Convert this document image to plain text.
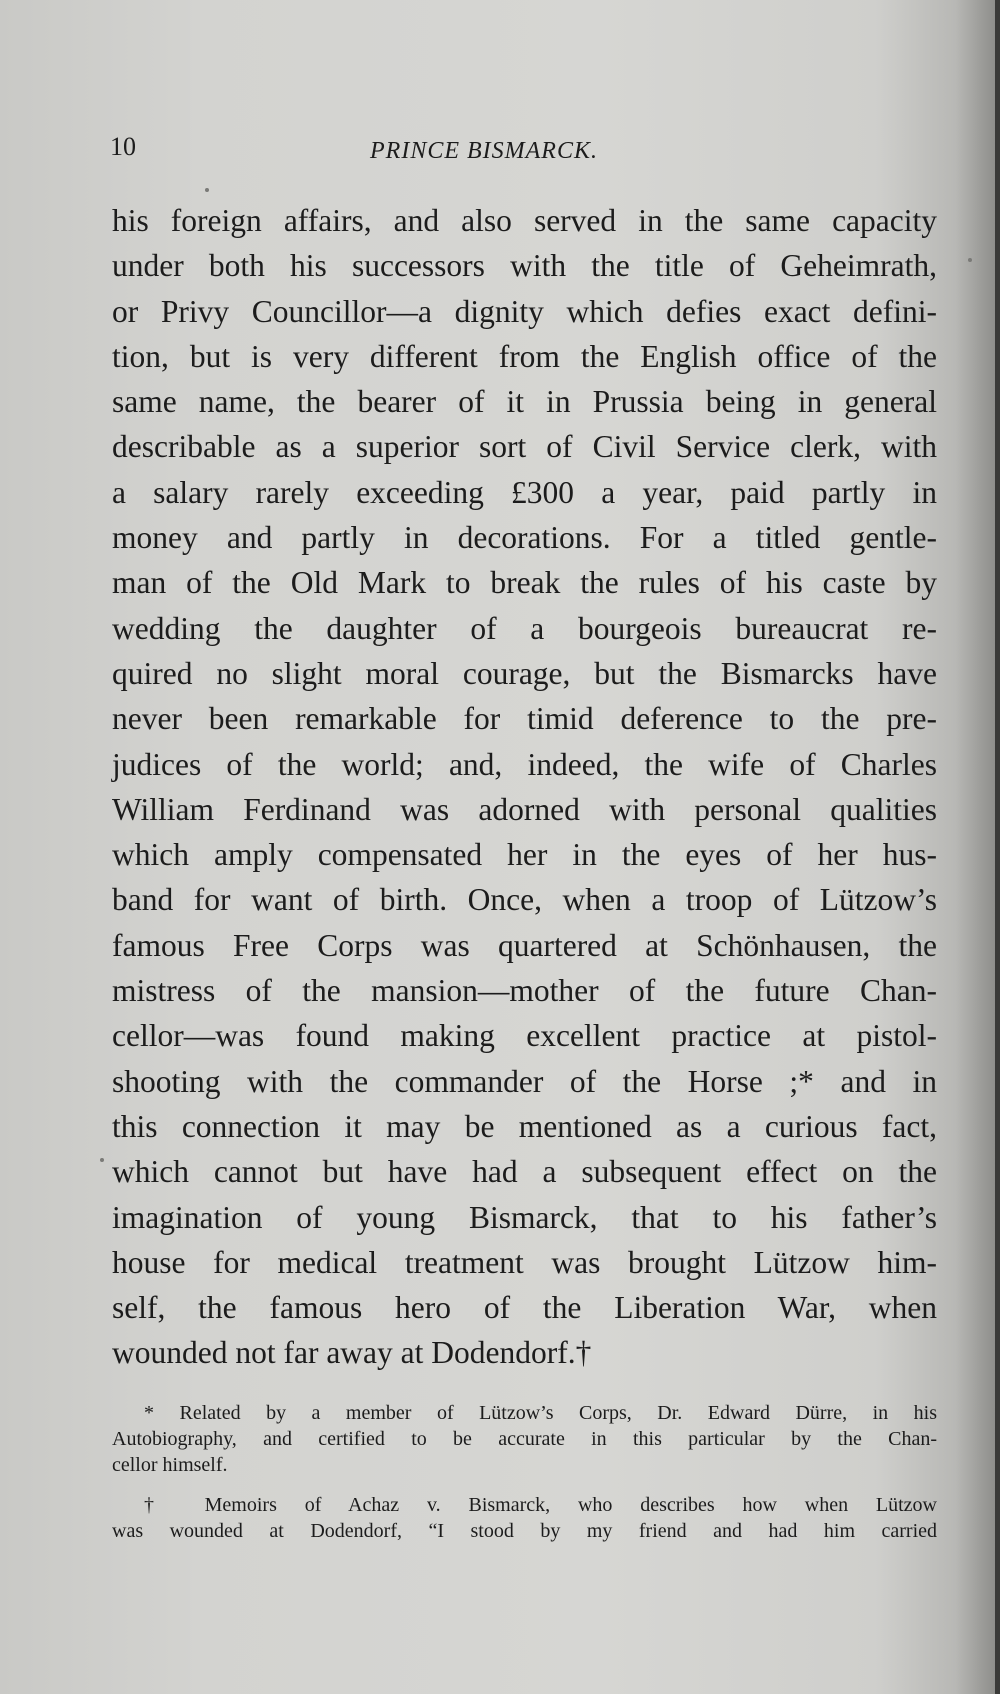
10	PRINCE BISMARCK.
his foreign affairs, and also served in the same capacity
under both his successors with the title of Geheimrath,
or Privy Councillor—a dignity which defies exact defini-
tion, but is very different from the English office of the
same name, the bearer of it in Prussia being in general
describable as a superior sort of Civil Service clerk, with
a salary rarely exceeding £300 a year, paid partly in
money and partly in decorations. For a titled gentle-
man of the Old Mark to break the rules of his caste by
wedding the daughter of a bourgeois bureaucrat re-
quired no slight moral courage, but the Bismarcks have
never been remarkable for timid deference to the pre-
judices of the world; and, indeed, the wife of Charles
William Ferdinand was adorned with personal qualities
which amply compensated her in the eyes of her hus-
band for want of birth. Once, when a troop of Lützow’s
famous Free Corps was quartered at Schönhausen, the
mistress of the mansion—mother of the future Chan-
cellor—was found making excellent practice at pistol-
shooting with the commander of the Horse ;* and in
this connection it may be mentioned as a curious fact,
which cannot but have had a subsequent effect on the
imagination of young Bismarck, that to his father’s
house for medical treatment was brought Lützow him-
self, the famous hero of the Liberation War, when
wounded not far away at Dodendorf.†
* Related by a member of Lützow’s Corps, Dr. Edward Dürre, in his
Autobiography, and certified to be accurate in this particular by the Chan-
cellor himself.
† Memoirs of Achaz v. Bismarck, who describes how when Lützow
was wounded at Dodendorf, “I stood by my friend and had him carried
